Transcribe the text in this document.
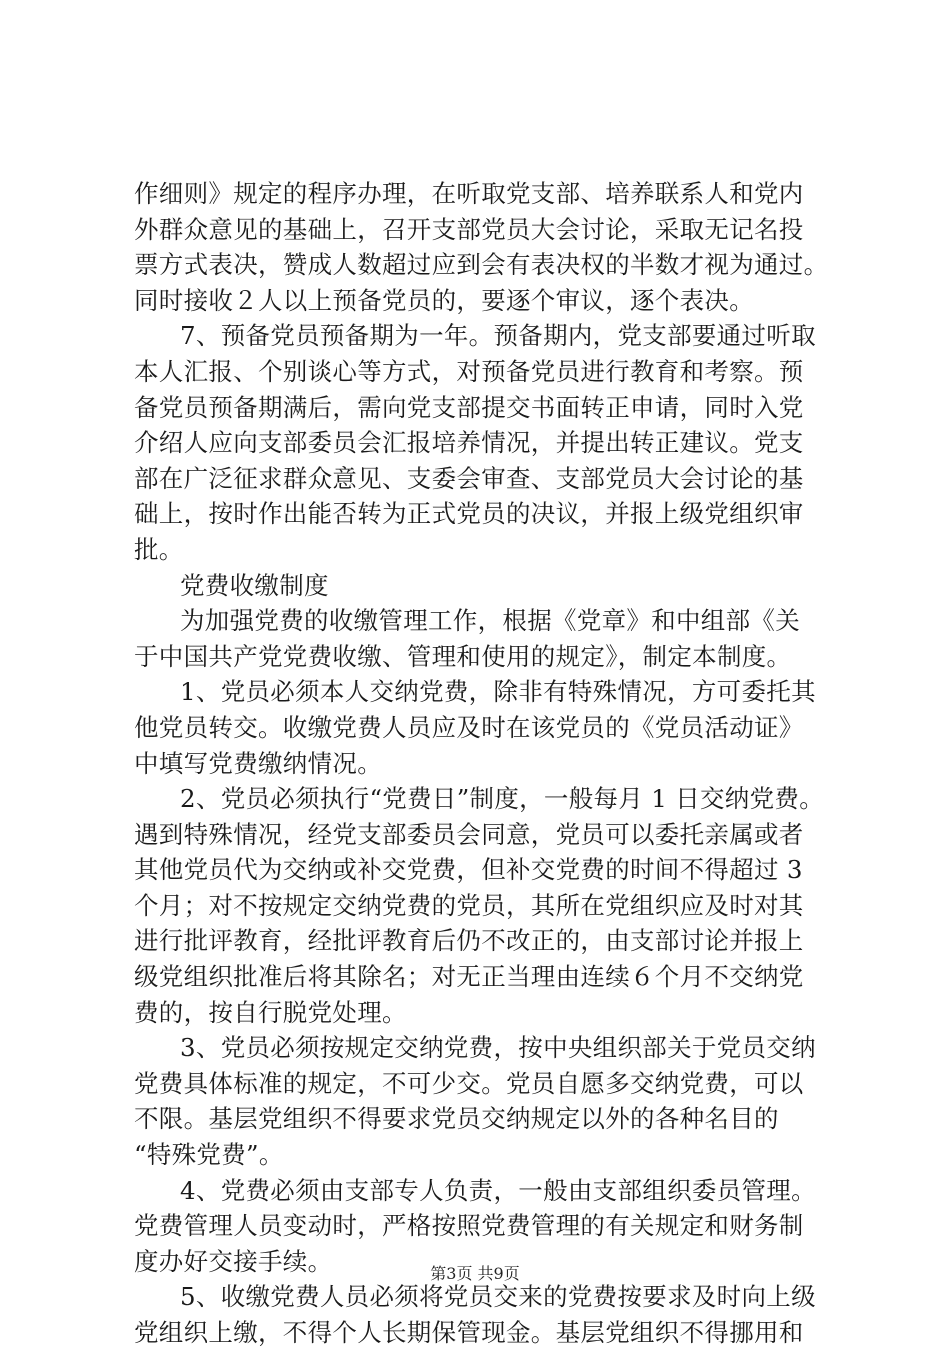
作细则》规定的程序办理，在听取党支部、培养联系人和党内
外群众意见的基础上，召开支部党员大会讨论，采取无记名投
票方式表决，赞成人数超过应到会有表决权的半数才视为通过。
同时接收２人以上预备党员的，要逐个审议，逐个表决。
7、预备党员预备期为一年。预备期内，党支部要通过听取
本人汇报、个别谈心等方式，对预备党员进行教育和考察。预
备党员预备期满后，需向党支部提交书面转正申请，同时入党
介绍人应向支部委员会汇报培养情况，并提出转正建议。党支
部在广泛征求群众意见、支委会审查、支部党员大会讨论的基
础上，按时作出能否转为正式党员的决议，并报上级党组织审
批。
党费收缴制度
为加强党费的收缴管理工作，根据《党章》和中组部《关
于中国共产党党费收缴、管理和使用的规定》，制定本制度。
1、党员必须本人交纳党费，除非有特殊情况，方可委托其
他党员转交。收缴党费人员应及时在该党员的《党员活动证》
中填写党费缴纳情况。
2、党员必须执行“党费日”制度，一般每月 1 日交纳党费。
遇到特殊情况，经党支部委员会同意，党员可以委托亲属或者
其他党员代为交纳或补交党费，但补交党费的时间不得超过 3
个月；对不按规定交纳党费的党员，其所在党组织应及时对其
进行批评教育，经批评教育后仍不改正的，由支部讨论并报上
级党组织批准后将其除名；对无正当理由连续６个月不交纳党
费的，按自行脱党处理。
3、党员必须按规定交纳党费，按中央组织部关于党员交纳
党费具体标准的规定，不可少交。党员自愿多交纳党费，可以
不限。基层党组织不得要求党员交纳规定以外的各种名目的
“特殊党费”。
4、党费必须由支部专人负责，一般由支部组织委员管理。
党费管理人员变动时，严格按照党费管理的有关规定和财务制
度办好交接手续。
5、收缴党费人员必须将党员交来的党费按要求及时向上级
党组织上缴，不得个人长期保管现金。基层党组织不得挪用和
第3页 共9页
